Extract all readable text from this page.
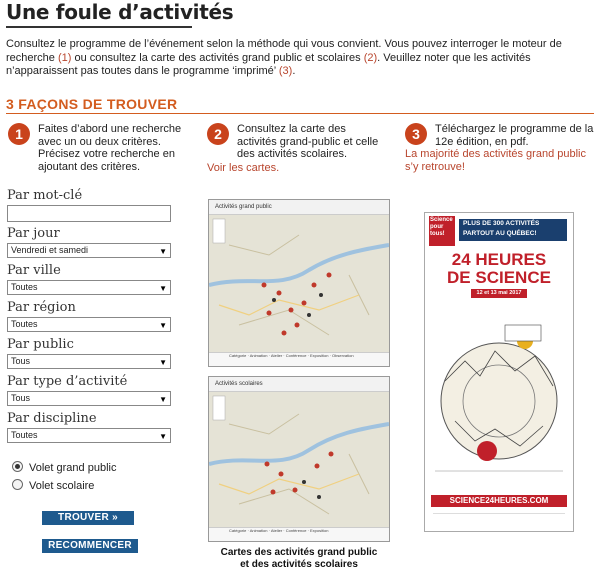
Une foule d’activités
Consultez le programme de l’événement selon la méthode qui vous convient. Vous pouvez interroger le moteur de recherche (1) ou consultez la carte des activités grand public et scolaires (2). Veuillez noter que les activités n’apparaissent pas toutes dans le programme ‘imprimé’ (3).
3 FAÇONS DE TROUVER
1	Faites d’abord une recherche avec un ou deux critères. Précisez votre recherche en ajoutant des critères.
2	Consultez la carte des activités grand-public et celle des activités scolaires.
Voir les cartes.
3	Téléchargez le programme de la 12e édition, en pdf.
La majorité des activités grand public s’y retrouve!
Par mot-clé
Par jour
Vendredi et samedi	▼
Par ville
Toutes	▼
Par région
Toutes	▼
Par public
Tous	▼
Par type d’activité
Tous	▼
Par discipline
Toutes	▼
Volet grand public
Volet scolaire
TROUVER »
RECOMMENCER
Activités grand public
Catégorie · Animation · Atelier · Conférence · Exposition · Observation
Activités scolaires
Catégorie · Animation · Atelier · Conférence · Exposition
Cartes des activités grand public
et des activités scolaires
Science
pour tous!
PLUS DE 300 ACTIVITÉS
PARTOUT AU QUÉBEC!
24 HEURES
DE SCIENCE
12 et 13 mai 2017
SCIENCE24HEURES.COM
